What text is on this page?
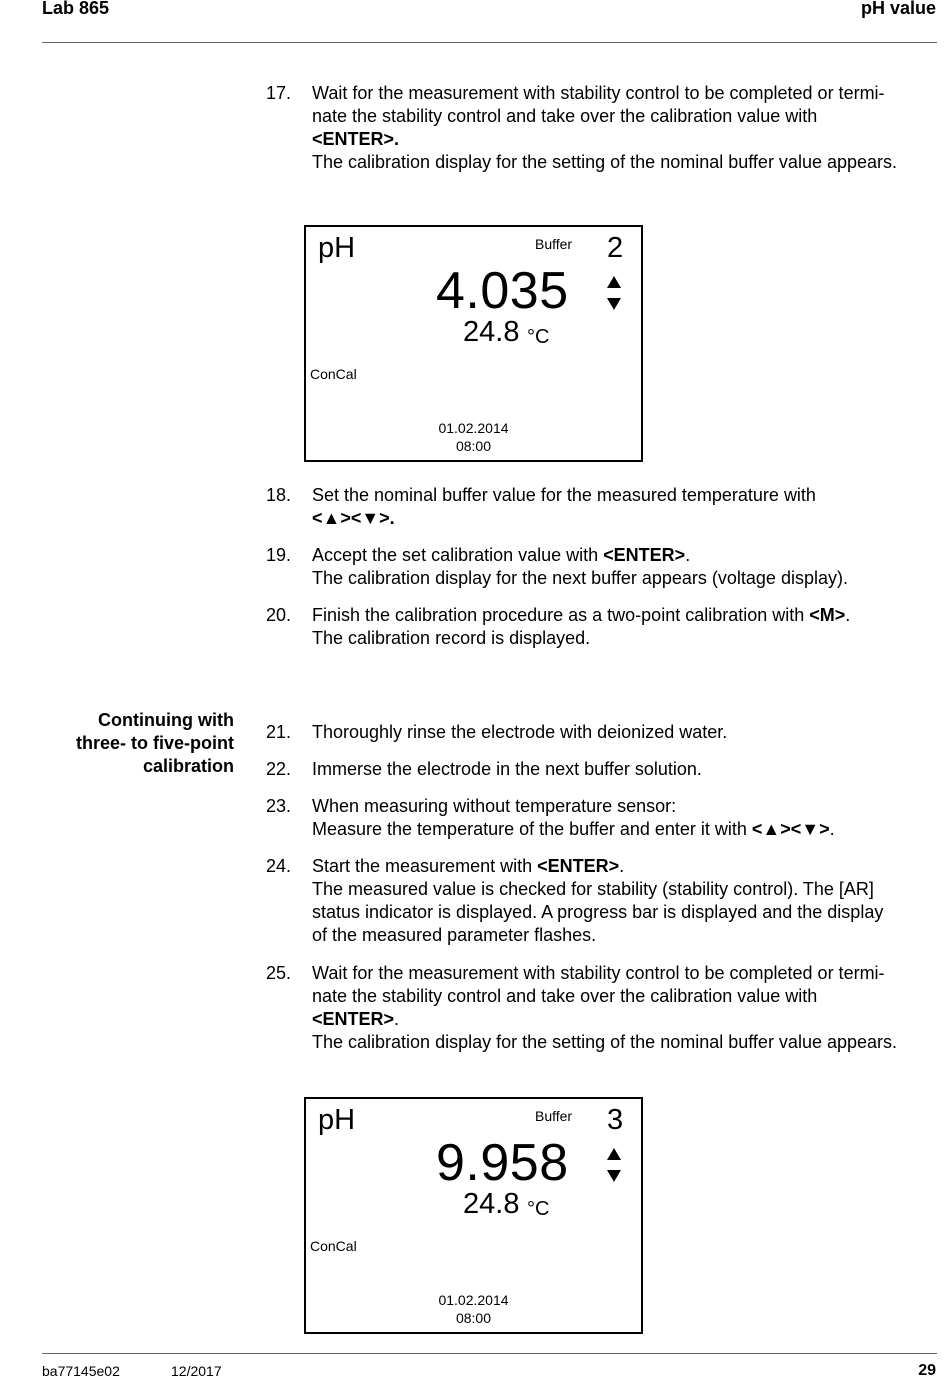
Lab 865	pH value
17. Wait for the measurement with stability control to be completed or termi-
nate the stability control and take over the calibration value with
<ENTER>.
The calibration display for the setting of the nominal buffer value appears.
pH	Buffer 2
4.035
24.8 °C
ConCal
01.02.2014
08:00
18. Set the nominal buffer value for the measured temperature with
<▲><▼>.
19. Accept the set calibration value with <ENTER>.
The calibration display for the next buffer appears (voltage display).
20. Finish the calibration procedure as a two-point calibration with <M>.
The calibration record is displayed.
Continuing with
three- to five-point
calibration
21. Thoroughly rinse the electrode with deionized water.
22. Immerse the electrode in the next buffer solution.
23. When measuring without temperature sensor:
Measure the temperature of the buffer and enter it with <▲><▼>.
24. Start the measurement with <ENTER>.
The measured value is checked for stability (stability control). The [AR]
status indicator is displayed. A progress bar is displayed and the display
of the measured parameter flashes.
25. Wait for the measurement with stability control to be completed or termi-
nate the stability control and take over the calibration value with
<ENTER>.
The calibration display for the setting of the nominal buffer value appears.
pH	Buffer 3
9.958
24.8 °C
ConCal
01.02.2014
08:00
ba77145e02	12/2017	29
